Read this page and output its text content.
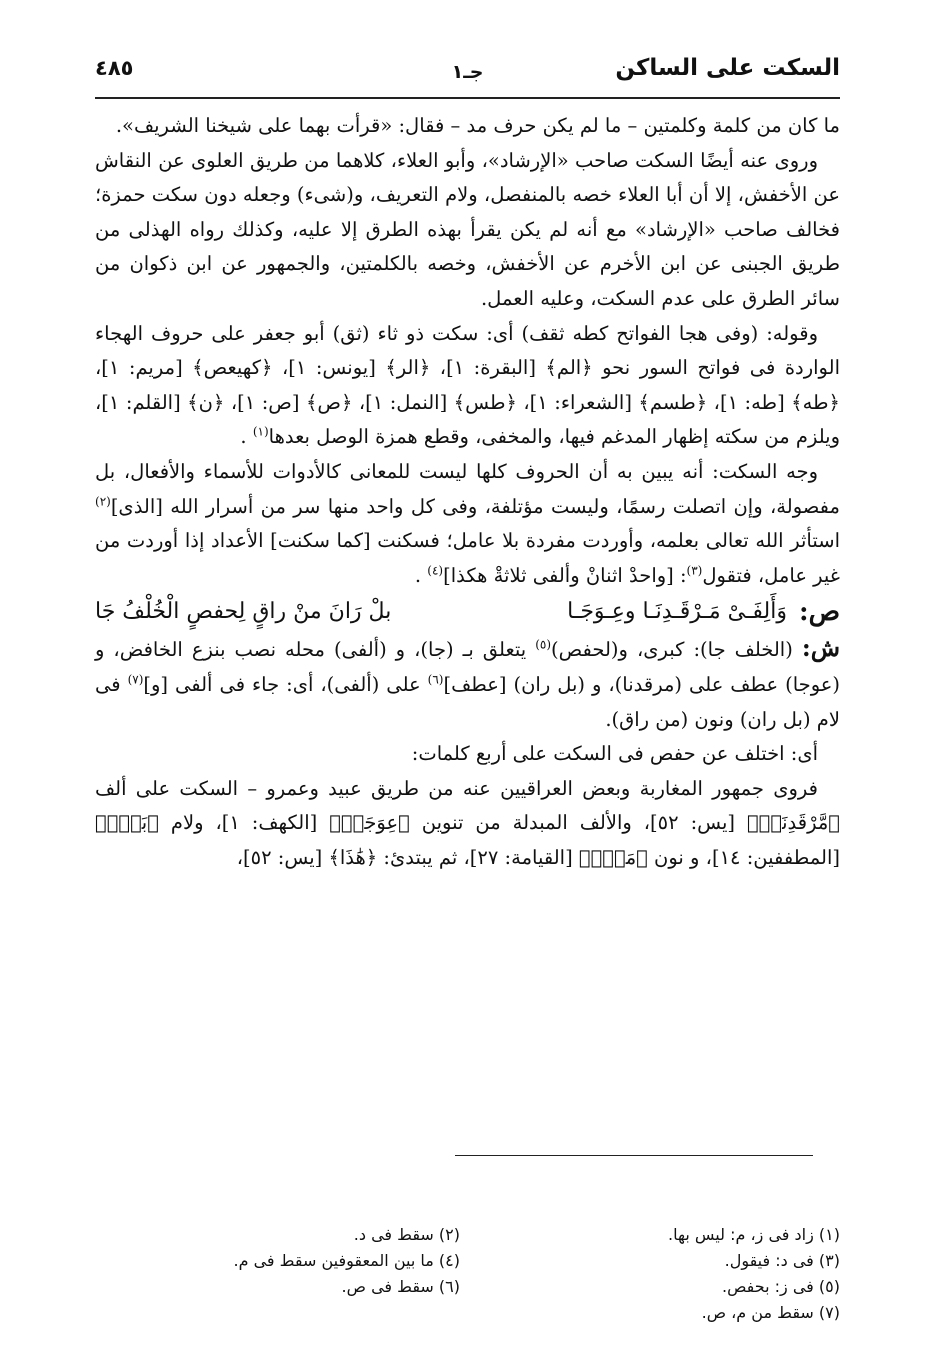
السكت على الساكن
جـ١
٤٨٥

ما كان من كلمة وكلمتين – ما لم يكن حرف مد – فقال: «قرأت بهما على شيخنا الشريف».

وروى عنه أيضًا السكت صاحب «الإرشاد»، وأبو العلاء، كلاهما من طريق العلوى عن النقاش عن الأخفش، إلا أن أبا العلاء خصه بالمنفصل، ولام التعريف، و(شىء) وجعله دون سكت حمزة؛ فخالف صاحب «الإرشاد» مع أنه لم يكن يقرأ بهذه الطرق إلا عليه، وكذلك رواه الهذلى من طريق الجبنى عن ابن الأخرم عن الأخفش، وخصه بالكلمتين، والجمهور عن ابن ذكوان من سائر الطرق على عدم السكت، وعليه العمل.

وقوله: (وفى هجا الفواتح كطه ثقف) أى: سكت ذو ثاء (ثق) أبو جعفر على حروف الهجاء الواردة فى فواتح السور نحو ﴿الم﴾ [البقرة: ١]، ﴿الر﴾ [يونس: ١]، ﴿كهيعص﴾ [مريم: ١]، ﴿طه﴾ [طه: ١]، ﴿طسم﴾ [الشعراء: ١]، ﴿طس﴾ [النمل: ١]، ﴿ص﴾ [ص: ١]، ﴿ن﴾ [القلم: ١]، ويلزم من سكته إظهار المدغم فيها، والمخفى، وقطع همزة الوصل بعدها$^{(١)}$ .

وجه السكت: أنه يبين به أن الحروف كلها ليست للمعانى كالأدوات للأسماء والأفعال، بل مفصولة، وإن اتصلت رسمًا، وليست مؤتلفة، وفى كل واحد منها سر من أسرار الله [الذى]$^{(٢)}$ استأثر الله تعالى بعلمه، وأوردت مفردة بلا عامل؛ فسكنت [كما سكنت] الأعداد إذا أوردت من غير عامل، فتقول$^{(٣)}$: [واحدْ اثنانْ وألفى ثلاثةْ هكذا]$^{(٤)}$ .

ص:
وَأَلِفَـىْ مَـرْقَـدِنَـا وعِـوَجَـا
بلْ رَانَ منْ راقٍ لِحفصٍ الْخُلْفُ جَا

ش: (الخلف جا): كبرى، و(لحفص)$^{(٥)}$ يتعلق بـ (جا)، و (ألفى) محله نصب بنزع الخافض، و (عوجا) عطف على (مرقدنا)، و (بل ران) [عطف]$^{(٦)}$ على (ألفى)، أى: جاء فى ألفى [و]$^{(٧)}$ فى لام (بل ران) ونون (من راق).

أى: اختلف عن حفص فى السكت على أربع كلمات:

فروى جمهور المغاربة وبعض العراقيين عنه من طريق عبيد وعمرو – السكت على ألف ﴿مَّرْقَدِنَاۜ﴾ [يس: ٥٢]، والألف المبدلة من تنوين ﴿عِوَجَاۜ﴾ [الكهف: ١]، ولام ﴿بَلْۜ﴾ [المطففين: ١٤]، و نون ﴿مَنْۜ﴾ [القيامة: ٢٧]، ثم يبتدئ: ﴿هَٰذَا﴾ [يس: ٥٢]،

(١) زاد فى ز، م: ليس بها.
(٢) سقط فى د.
(٣) فى د: فيقول.
(٤) ما بين المعقوفين سقط فى م.
(٥) فى ز: بحفص.
(٦) سقط فى ص.
(٧) سقط من م، ص.
